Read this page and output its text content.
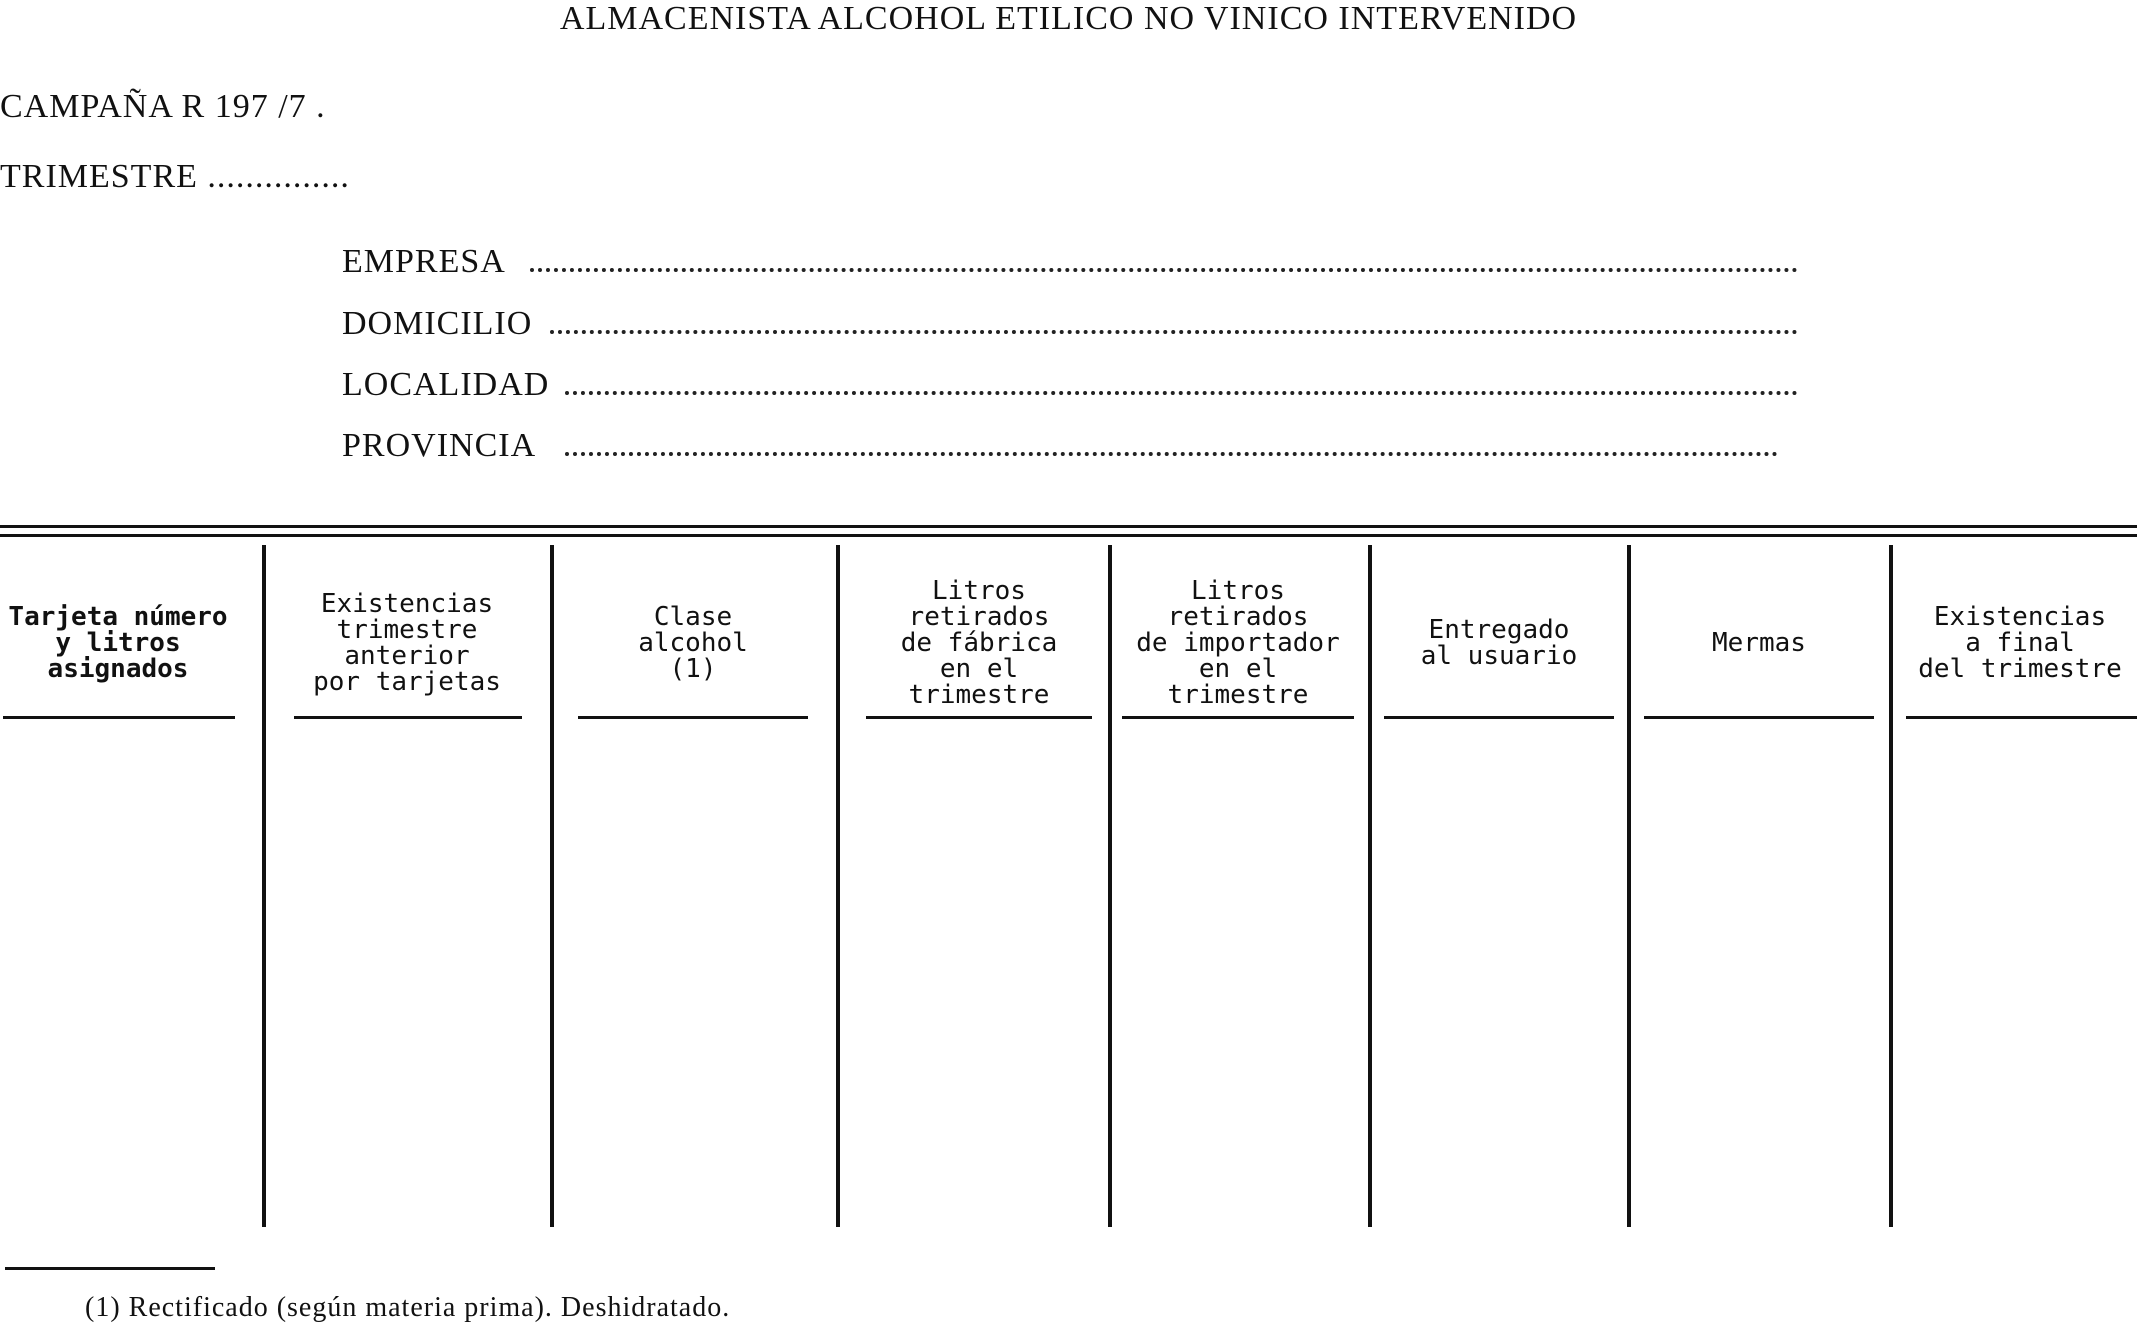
ALMACENISTA ALCOHOL ETILICO NO VINICO INTERVENIDO
CAMPAÑA R 197 /7 .
TRIMESTRE ...............
EMPRESA
DOMICILIO
LOCALIDAD
PROVINCIA
Tarjeta número
y litros
asignados
Existencias
trimestre
anterior
por tarjetas
Clase
alcohol
(1)
Litros
retirados
de fábrica
en el
trimestre
Litros
retirados
de importador
en el
trimestre
Entregado
al usuario	Mermas
Existencias
a final
del trimestre
(1) Rectificado (según materia prima). Deshidratado.
